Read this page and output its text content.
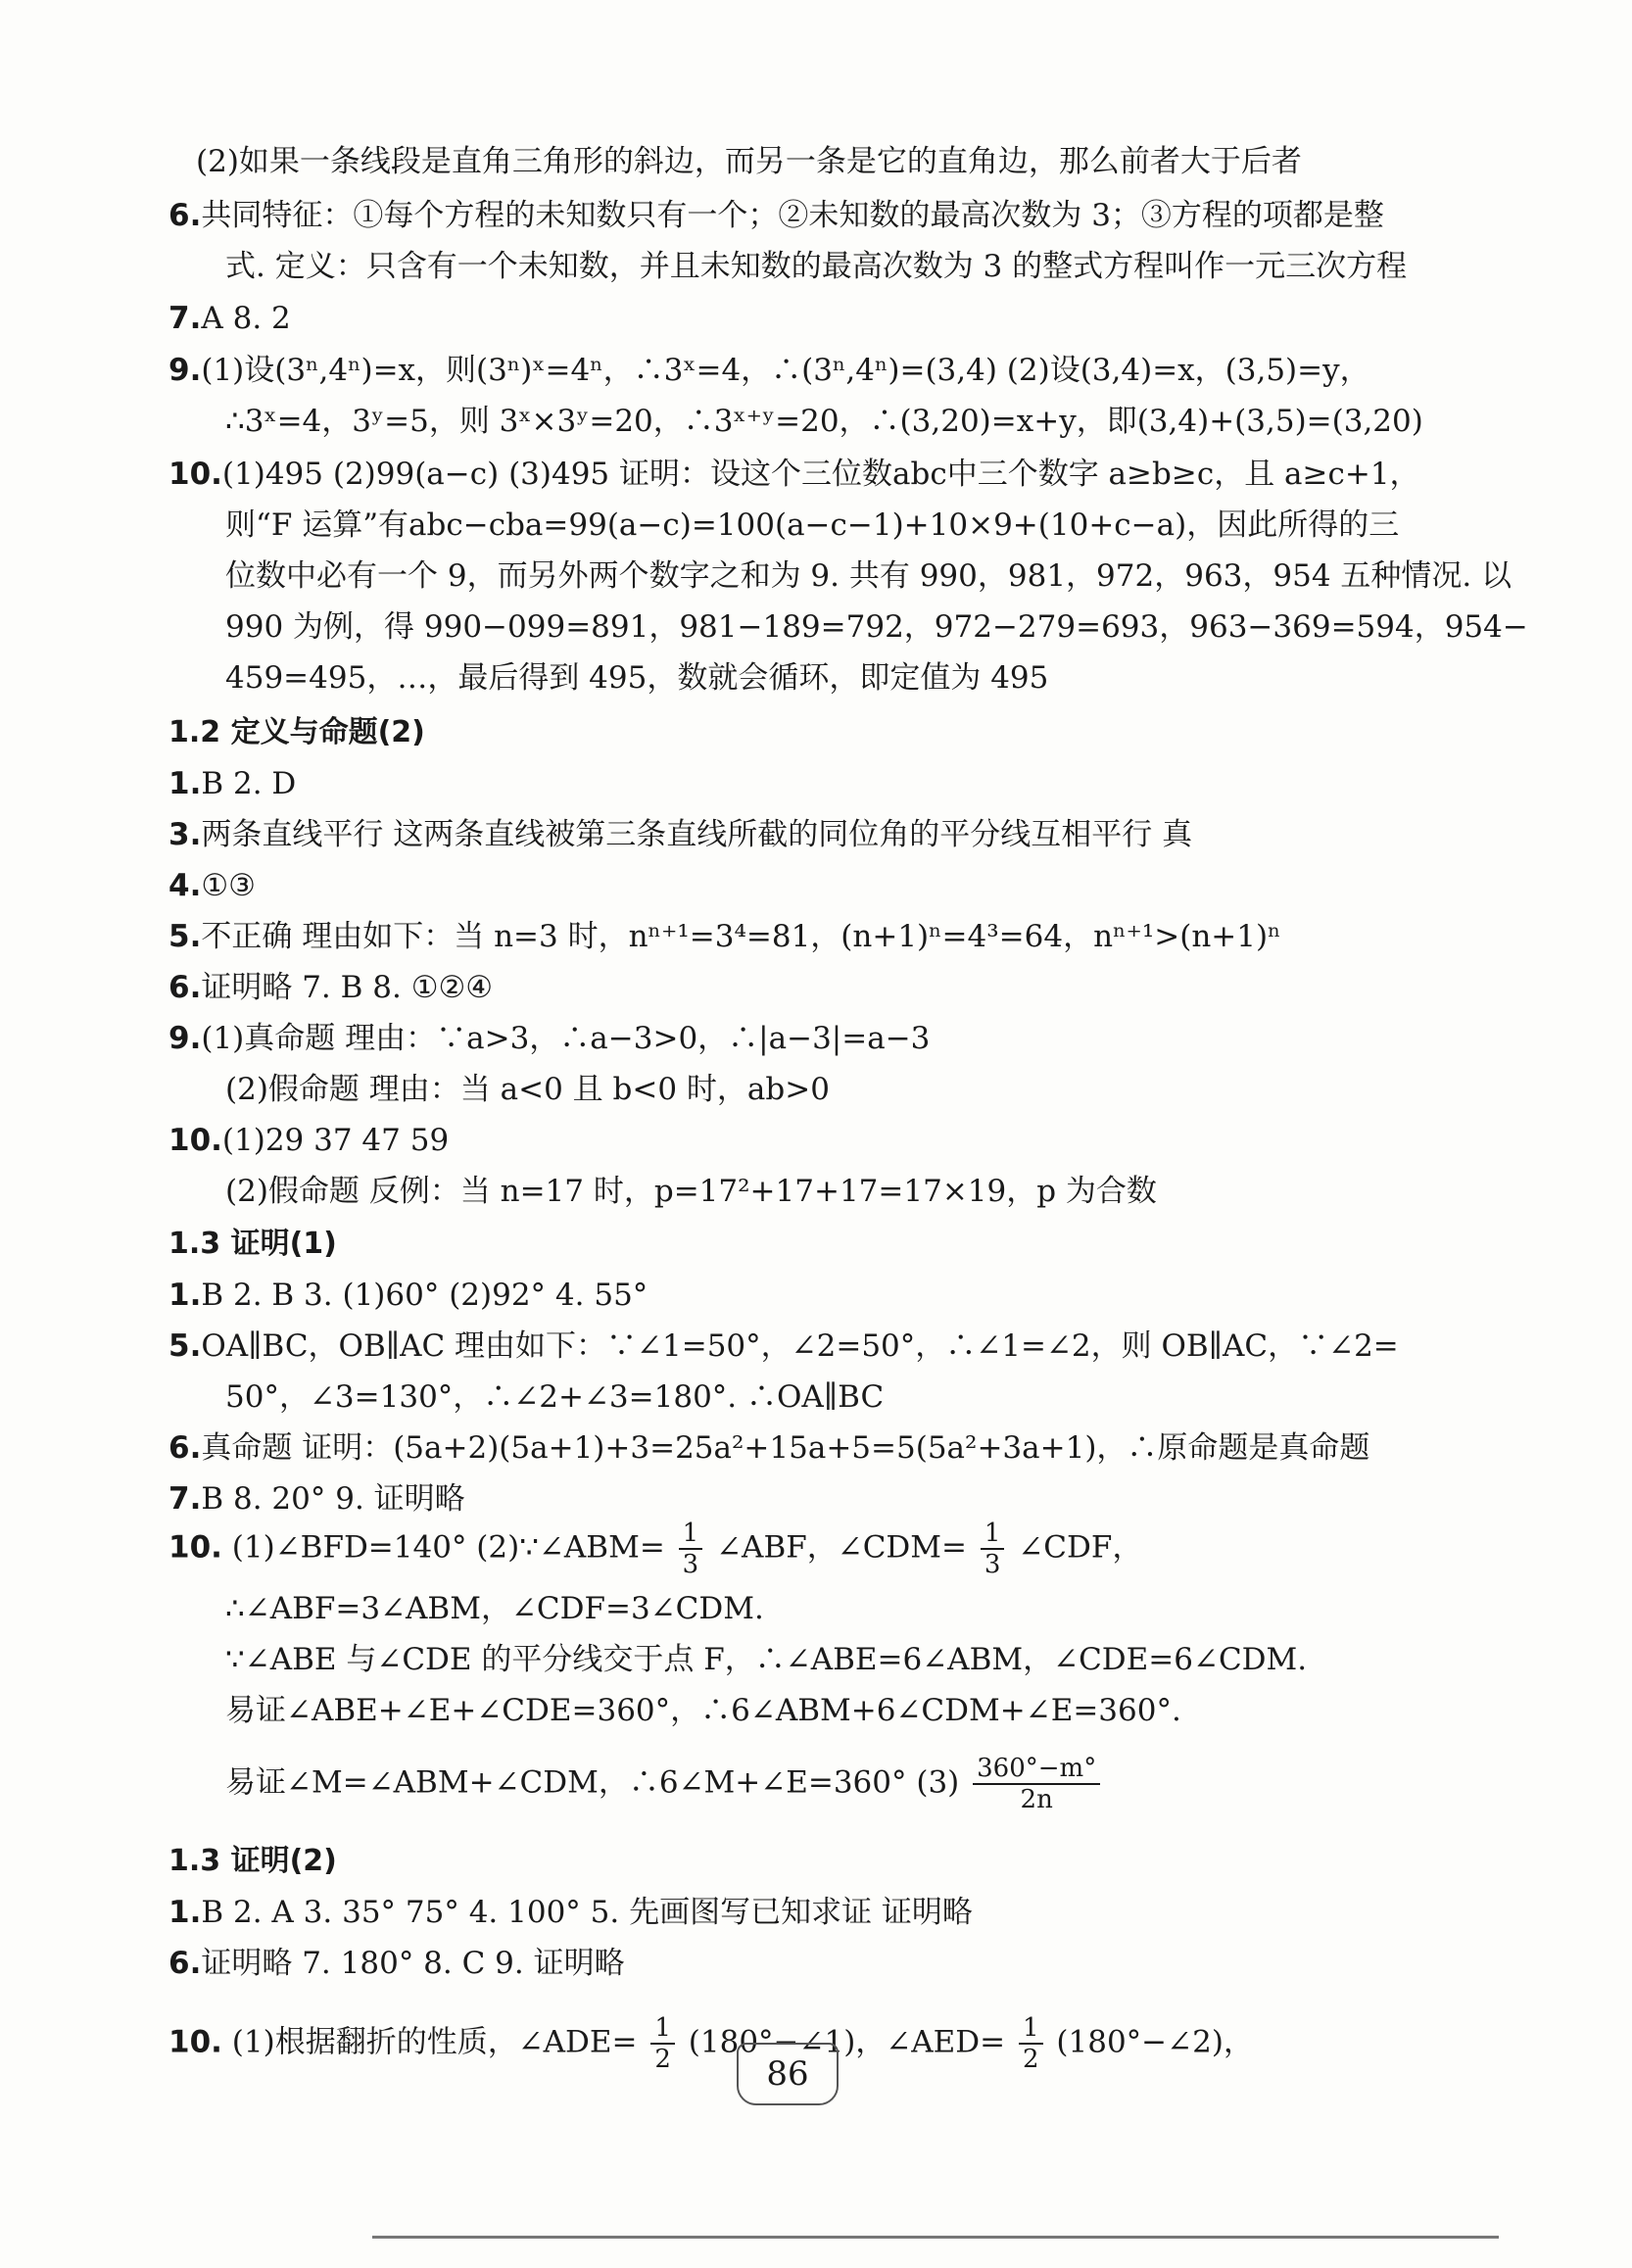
(2)如果一条线段是直角三角形的斜边，而另一条是它的直角边，那么前者大于后者
6.共同特征：①每个方程的未知数只有一个；②未知数的最高次数为 3；③方程的项都是整
式. 定义：只含有一个未知数，并且未知数的最高次数为 3 的整式方程叫作一元三次方程
7.A 8. 2
9.(1)设(3ⁿ,4ⁿ)=x，则(3ⁿ)ˣ=4ⁿ，∴3ˣ=4，∴(3ⁿ,4ⁿ)=(3,4) (2)设(3,4)=x，(3,5)=y，
∴3ˣ=4，3ʸ=5，则 3ˣ×3ʸ=20，∴3ˣ⁺ʸ=20，∴(3,20)=x+y，即(3,4)+(3,5)=(3,20)
10.(1)495 (2)99(a−c) (3)495 证明：设这个三位数abc中三个数字 a≥b≥c，且 a≥c+1，
则“F 运算”有abc−cba=99(a−c)=100(a−c−1)+10×9+(10+c−a)，因此所得的三
位数中必有一个 9，而另外两个数字之和为 9. 共有 990，981，972，963，954 五种情况. 以
990 为例，得 990−099=891，981−189=792，972−279=693，963−369=594，954−
459=495，…，最后得到 495，数就会循环，即定值为 495
1.2 定义与命题(2)
1.B 2. D
3.两条直线平行 这两条直线被第三条直线所截的同位角的平分线互相平行 真
4.①③
5.不正确 理由如下：当 n=3 时，nⁿ⁺¹=3⁴=81，(n+1)ⁿ=4³=64，nⁿ⁺¹>(n+1)ⁿ
6.证明略 7. B 8. ①②④
9.(1)真命题 理由：∵a>3，∴a−3>0，∴|a−3|=a−3
(2)假命题 理由：当 a<0 且 b<0 时，ab>0
10.(1)29 37 47 59
(2)假命题 反例：当 n=17 时，p=17²+17+17=17×19，p 为合数
1.3 证明(1)
1.B 2. B 3. (1)60° (2)92° 4. 55°
5.OA∥BC，OB∥AC 理由如下：∵∠1=50°，∠2=50°，∴∠1=∠2，则 OB∥AC，∵∠2=
50°，∠3=130°，∴∠2+∠3=180°. ∴OA∥BC
6.真命题 证明：(5a+2)(5a+1)+3=25a²+15a+5=5(5a²+3a+1)，∴原命题是真命题
7.B 8. 20° 9. 证明略
∴∠ABF=3∠ABM，∠CDF=3∠CDM.
∵∠ABE 与∠CDE 的平分线交于点 F，∴∠ABE=6∠ABM，∠CDE=6∠CDM.
易证∠ABE+∠E+∠CDE=360°，∴6∠ABM+6∠CDM+∠E=360°.
1.3 证明(2)
1.B 2. A 3. 35° 75° 4. 100° 5. 先画图写已知求证 证明略
6.证明略 7. 180° 8. C 9. 证明略
10. (1)∠BFD=140° (2)∵∠ABM= $\frac{1}{3}$ ∠ABF，∠CDM= $\frac{1}{3}$ ∠CDF，
易证∠M=∠ABM+∠CDM，∴6∠M+∠E=360° $(3) \frac{360^\circ-m^\circ}{2n}$
10. (1)根据翻折的性质，∠ADE= $\frac{1}{2}$ (180°−∠1)，∠AED= $\frac{1}{2}$ (180°−∠2)，
86
